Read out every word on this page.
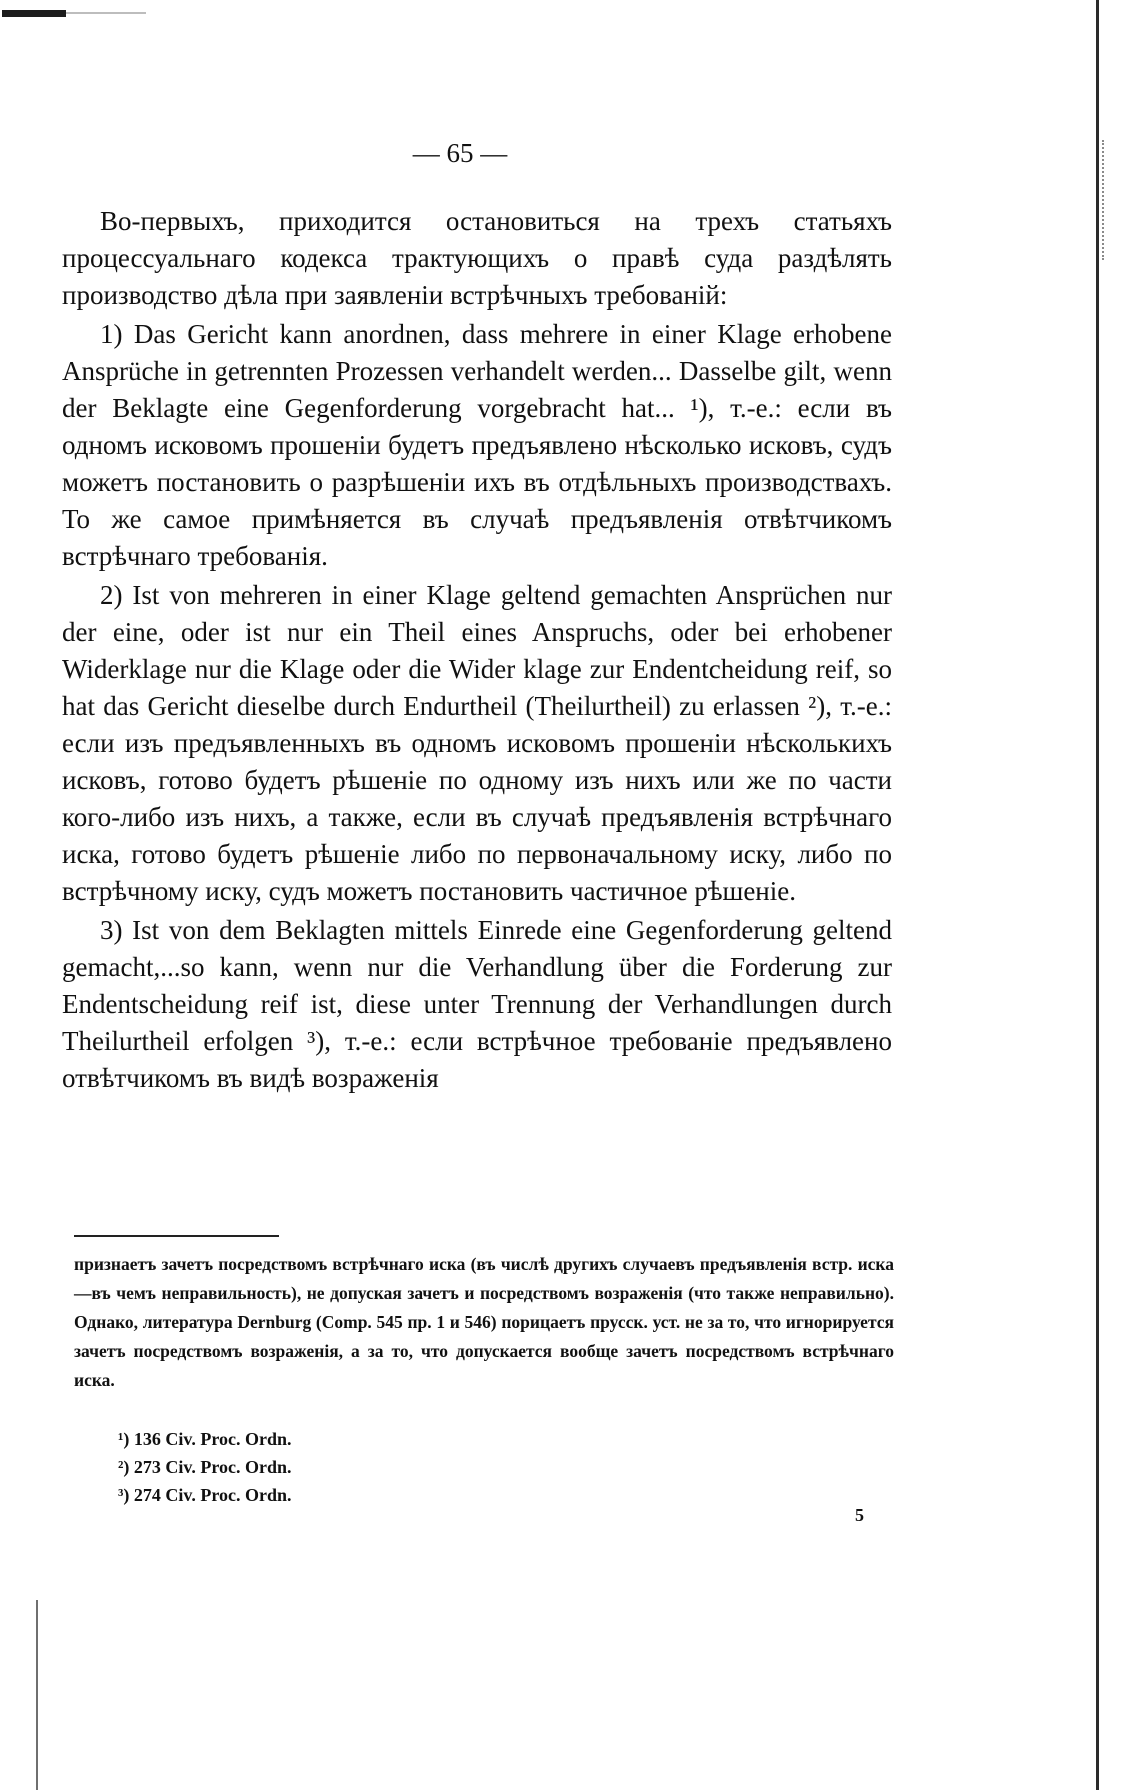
— 65 —

Во-первыхъ, приходится остановиться на трехъ статьяхъ процессуальнаго кодекса трактующихъ о правѣ суда раздѣлять производство дѣла при заявленіи встрѣчныхъ требованій:

1) Das Gericht kann anordnen, dass mehrere in einer Klage erhobene Ansprüche in getrennten Prozessen verhandelt werden... Dasselbe gilt, wenn der Beklagte eine Gegenforderung vorgebracht hat... ¹), т.-е.: если въ одномъ исковомъ прошеніи будетъ предъявлено нѣсколько исковъ, судъ можетъ постановить о разрѣшеніи ихъ въ отдѣльныхъ производствахъ. То же самое примѣняется въ случаѣ предъявленія отвѣтчикомъ встрѣчнаго требованія.

2) Ist von mehreren in einer Klage geltend gemachten Ansprüchen nur der eine, oder ist nur ein Theil eines Anspruchs, oder bei erhobener Widerklage nur die Klage oder die Wider klage zur Endentcheidung reif, so hat das Gericht dieselbe durch Endurtheil (Theilurtheil) zu erlassen ²), т.-е.: если изъ предъявленныхъ въ одномъ исковомъ прошеніи нѣсколькихъ исковъ, готово будетъ рѣшеніе по одному изъ нихъ или же по части кого-либо изъ нихъ, а также, если въ случаѣ предъявленія встрѣчнаго иска, готово будетъ рѣшеніе либо по первоначальному иску, либо по встрѣчному иску, судъ можетъ постановить частичное рѣшеніе.

3) Ist von dem Beklagten mittels Einrede eine Gegenforderung geltend gemacht,...so kann, wenn nur die Verhandlung über die Forderung zur Endentscheidung reif ist, diese unter Trennung der Verhandlungen durch Theilurtheil erfolgen ³), т.-е.: если встрѣчное требованіе предъявлено отвѣтчикомъ въ видѣ возраженія

признаетъ зачетъ посредствомъ встрѣчнаго иска (въ числѣ другихъ случаевъ предъявленія встр. иска—въ чемъ неправильность), не допуская зачетъ и посредствомъ возраженія (что также неправильно). Однако, литература Dernburg (Comp. 545 пр. 1 и 546) порицаетъ прусск. уст. не за то, что игнорируется зачетъ посредствомъ возраженія, а за то, что допускается вообще зачетъ посредствомъ встрѣчнаго иска.
¹) 136 Civ. Proc. Ordn.
²) 273 Civ. Proc. Ordn.
³) 274 Civ. Proc. Ordn.
5
